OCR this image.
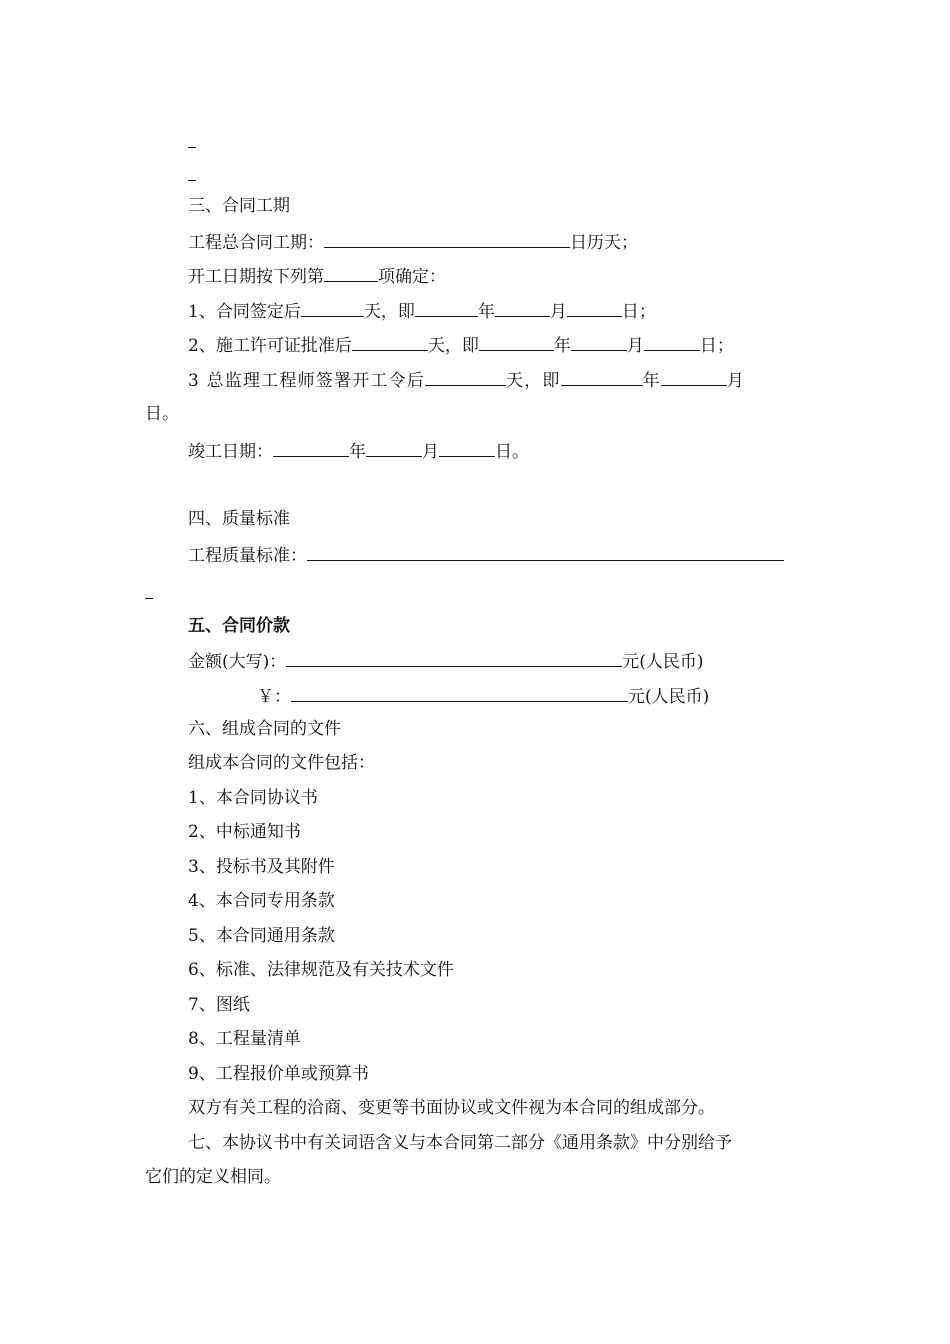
三、合同工期
工程总合同工期：	日历天；
开工日期按下列第	项确定：
1、合同签定后	天，即	年	月	日；
2、施工许可证批准后	天，即	年	月	日；
3 总监理工程师签署开工令后	天，即	年	月
日。
竣工日期：	年	月	日。
四、质量标准
工程质量标准：
五、合同价款
金额(大写)：	元(人民币)
￥：	元(人民币)
六、组成合同的文件
组成本合同的文件包括：
1、本合同协议书
2、中标通知书
3、投标书及其附件
4、本合同专用条款
5、本合同通用条款
6、标准、法律规范及有关技术文件
7、图纸
8、工程量清单
9、工程报价单或预算书
双方有关工程的洽商、变更等书面协议或文件视为本合同的组成部分。
七、本协议书中有关词语含义与本合同第二部分《通用条款》中分别给予
它们的定义相同。
